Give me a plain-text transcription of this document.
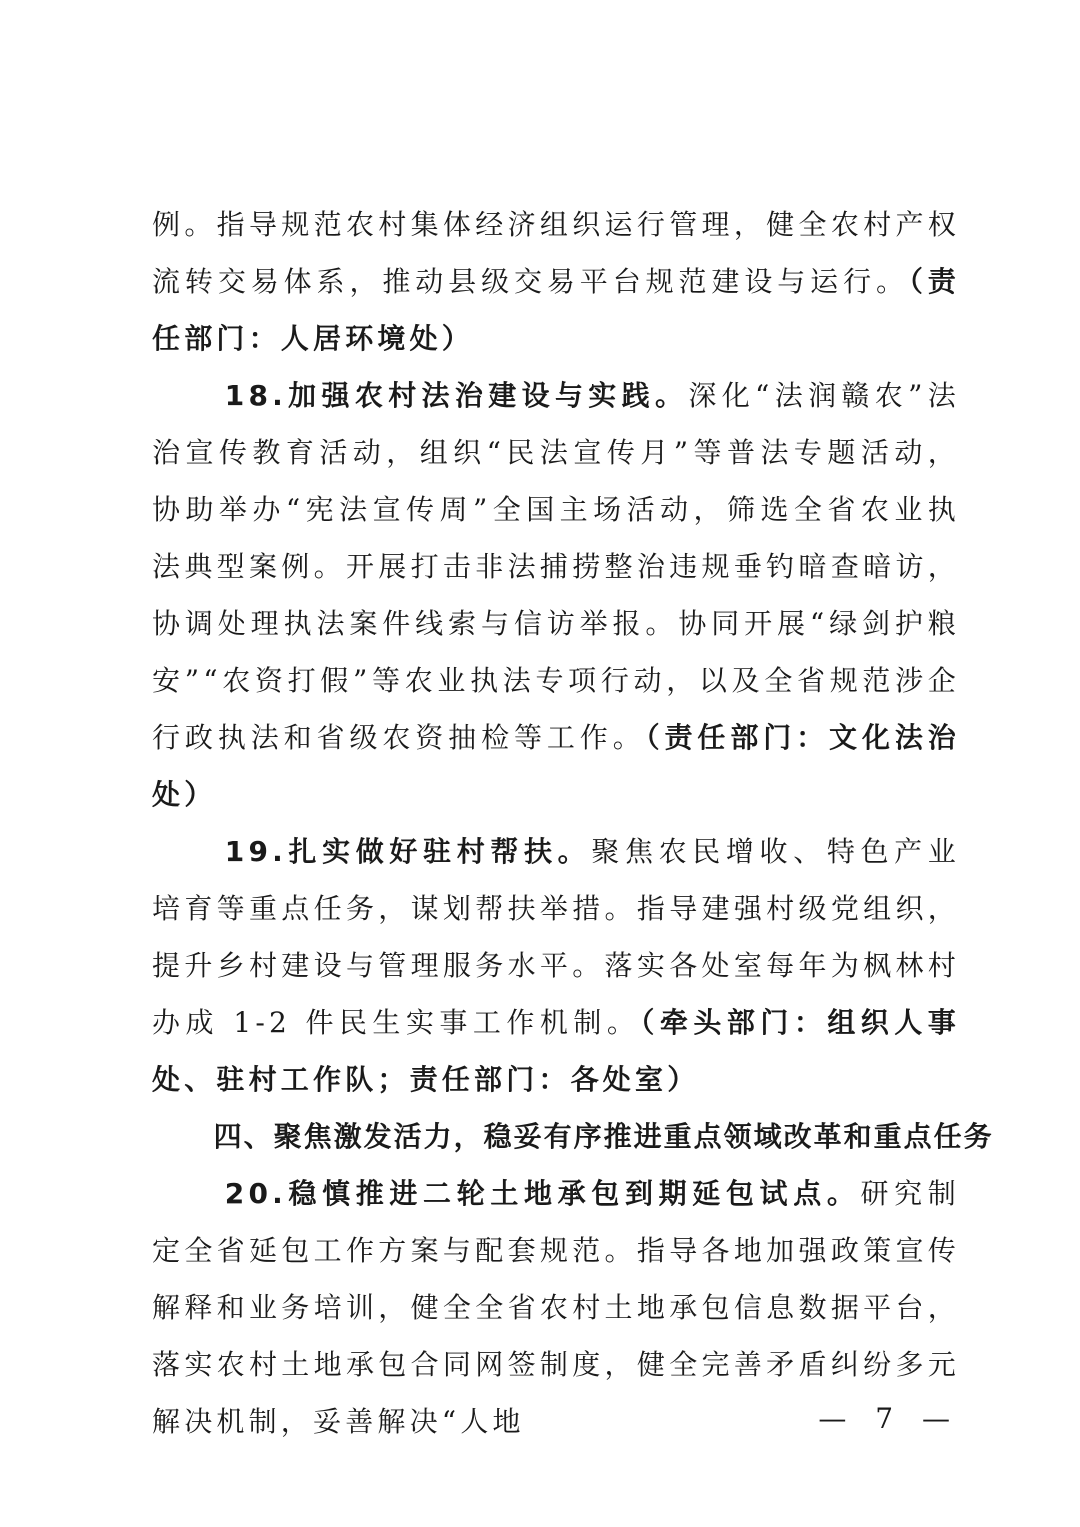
例。指导规范农村集体经济组织运行管理，健全农村产权流转交易体系，推动县级交易平台规范建设与运行。（责任部门：人居环境处）

18.加强农村法治建设与实践。深化“法润赣农”法治宣传教育活动，组织“民法宣传月”等普法专题活动，协助举办“宪法宣传周”全国主场活动，筛选全省农业执法典型案例。开展打击非法捕捞整治违规垂钓暗查暗访，协调处理执法案件线索与信访举报。协同开展“绿剑护粮安”“农资打假”等农业执法专项行动，以及全省规范涉企行政执法和省级农资抽检等工作。（责任部门：文化法治处）

19.扎实做好驻村帮扶。聚焦农民增收、特色产业培育等重点任务，谋划帮扶举措。指导建强村级党组织，提升乡村建设与管理服务水平。落实各处室每年为枫林村办成 1-2 件民生实事工作机制。（牵头部门：组织人事处、驻村工作队；责任部门：各处室）

四、聚焦激发活力，稳妥有序推进重点领域改革和重点任务

20.稳慎推进二轮土地承包到期延包试点。研究制定全省延包工作方案与配套规范。指导各地加强政策宣传解释和业务培训，健全全省农村土地承包信息数据平台，落实农村土地承包合同网签制度，健全完善矛盾纠纷多元解决机制，妥善解决“人地	— 7 —
